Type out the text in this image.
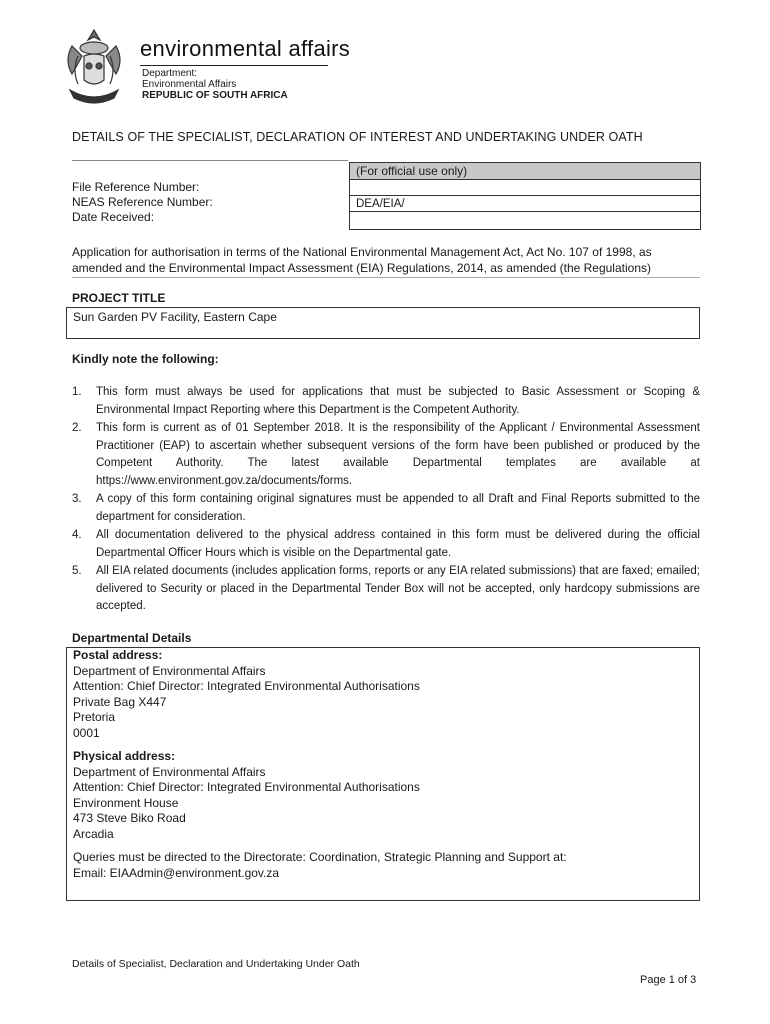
environmental affairs
Department:
Environmental Affairs
REPUBLIC OF SOUTH AFRICA
DETAILS OF THE SPECIALIST, DECLARATION OF INTEREST AND UNDERTAKING UNDER OATH
File Reference Number:
NEAS Reference Number:
Date Received:
(For official use only)
DEA/EIA/
Application for authorisation in terms of the National Environmental Management Act, Act No. 107 of 1998, as amended and the Environmental Impact Assessment (EIA) Regulations, 2014, as amended (the Regulations)
PROJECT TITLE
Sun Garden PV Facility, Eastern Cape
Kindly note the following:
1. This form must always be used for applications that must be subjected to Basic Assessment or Scoping & Environmental Impact Reporting where this Department is the Competent Authority.
2. This form is current as of 01 September 2018. It is the responsibility of the Applicant / Environmental Assessment Practitioner (EAP) to ascertain whether subsequent versions of the form have been published or produced by the Competent Authority. The latest available Departmental templates are available at https://www.environment.gov.za/documents/forms.
3. A copy of this form containing original signatures must be appended to all Draft and Final Reports submitted to the department for consideration.
4. All documentation delivered to the physical address contained in this form must be delivered during the official Departmental Officer Hours which is visible on the Departmental gate.
5. All EIA related documents (includes application forms, reports or any EIA related submissions) that are faxed; emailed; delivered to Security or placed in the Departmental Tender Box will not be accepted, only hardcopy submissions are accepted.
Departmental Details
Postal address:
Department of Environmental Affairs
Attention: Chief Director: Integrated Environmental Authorisations
Private Bag X447
Pretoria
0001
Physical address:
Department of Environmental Affairs
Attention: Chief Director: Integrated Environmental Authorisations
Environment House
473 Steve Biko Road
Arcadia
Queries must be directed to the Directorate: Coordination, Strategic Planning and Support at:
Email: EIAAdmin@environment.gov.za
Details of Specialist, Declaration and Undertaking Under Oath
Page 1 of 3
